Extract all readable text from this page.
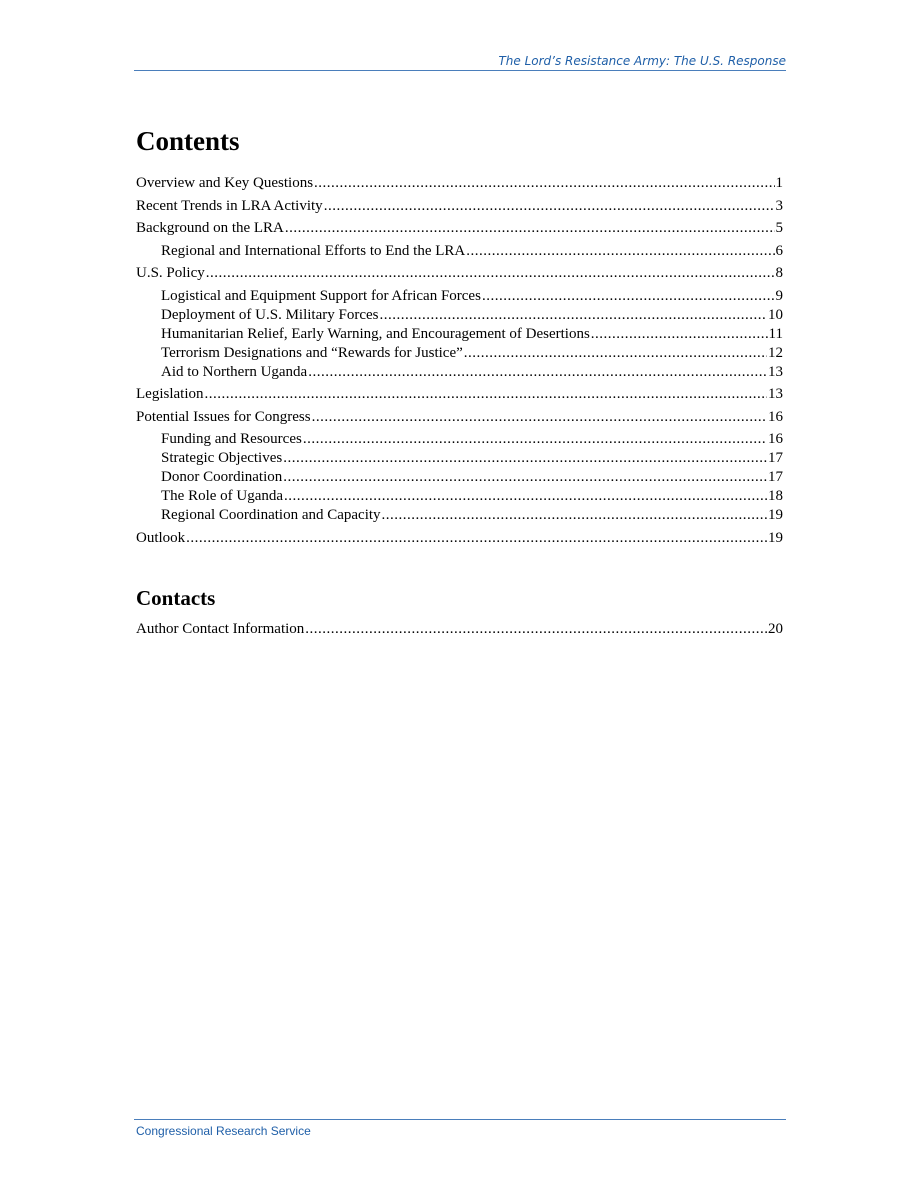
The Lord’s Resistance Army: The U.S. Response
Contents
Overview and Key Questions .....	1
Recent Trends in LRA Activity .....	3
Background on the LRA .....	5
Regional and International Efforts to End the LRA .....	6
U.S. Policy .....	8
Logistical and Equipment Support for African Forces .....	9
Deployment of U.S. Military Forces .....	10
Humanitarian Relief, Early Warning, and Encouragement of Desertions .....	11
Terrorism Designations and “Rewards for Justice” .....	12
Aid to Northern Uganda .....	13
Legislation .....	13
Potential Issues for Congress .....	16
Funding and Resources .....	16
Strategic Objectives .....	17
Donor Coordination .....	17
The Role of Uganda .....	18
Regional Coordination and Capacity .....	19
Outlook .....	19
Contacts
Author Contact Information .....	20
Congressional Research Service
